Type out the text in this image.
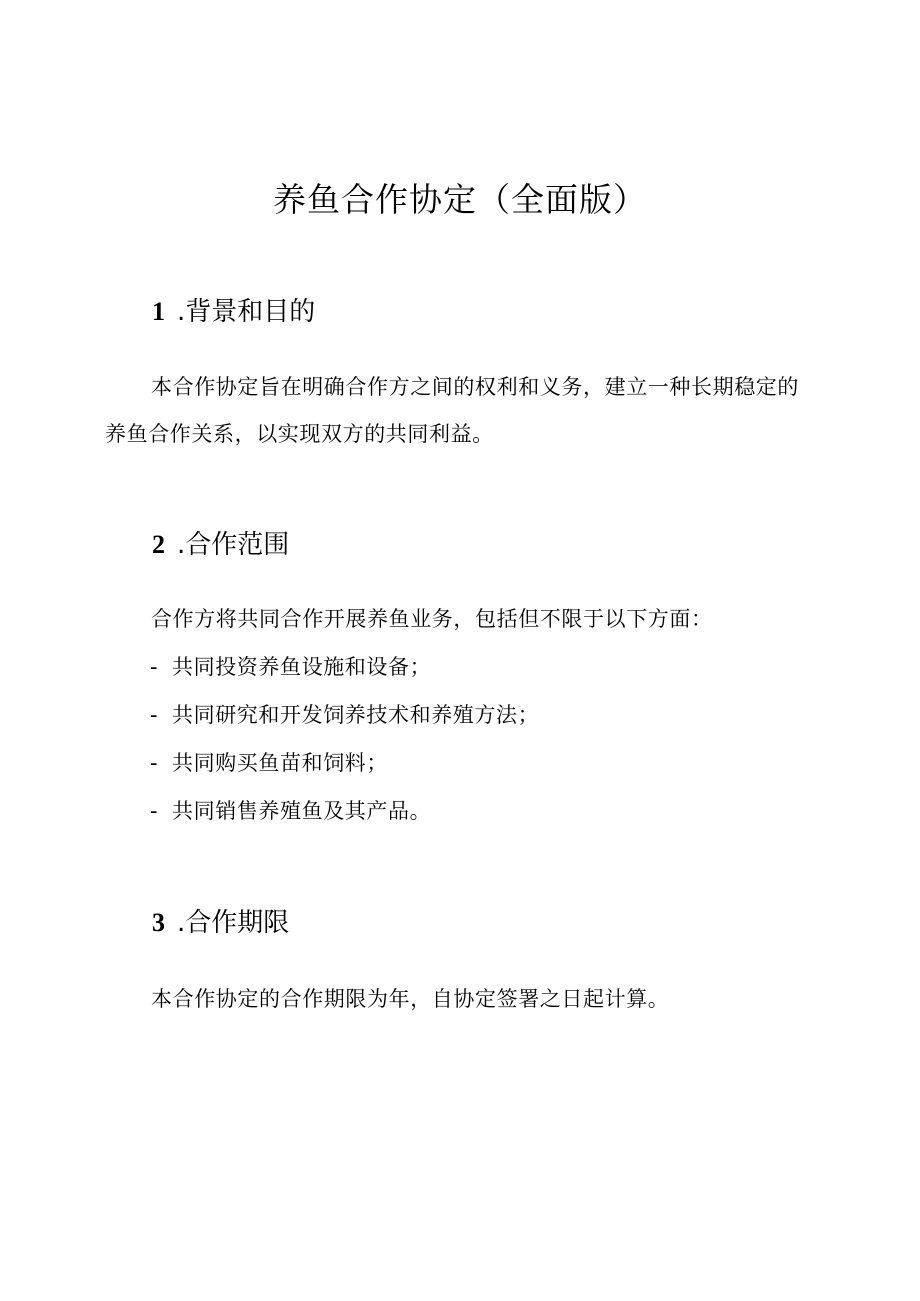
养鱼合作协定（全面版）
1 .背景和目的

本合作协定旨在明确合作方之间的权利和义务，建立一种长期稳定的养鱼合作关系，以实现双方的共同利益。

2 .合作范围

合作方将共同合作开展养鱼业务，包括但不限于以下方面：

- 共同投资养鱼设施和设备；
- 共同研究和开发饲养技术和养殖方法；
- 共同购买鱼苗和饲料；
- 共同销售养殖鱼及其产品。
3 .合作期限

本合作协定的合作期限为年，自协定签署之日起计算。
